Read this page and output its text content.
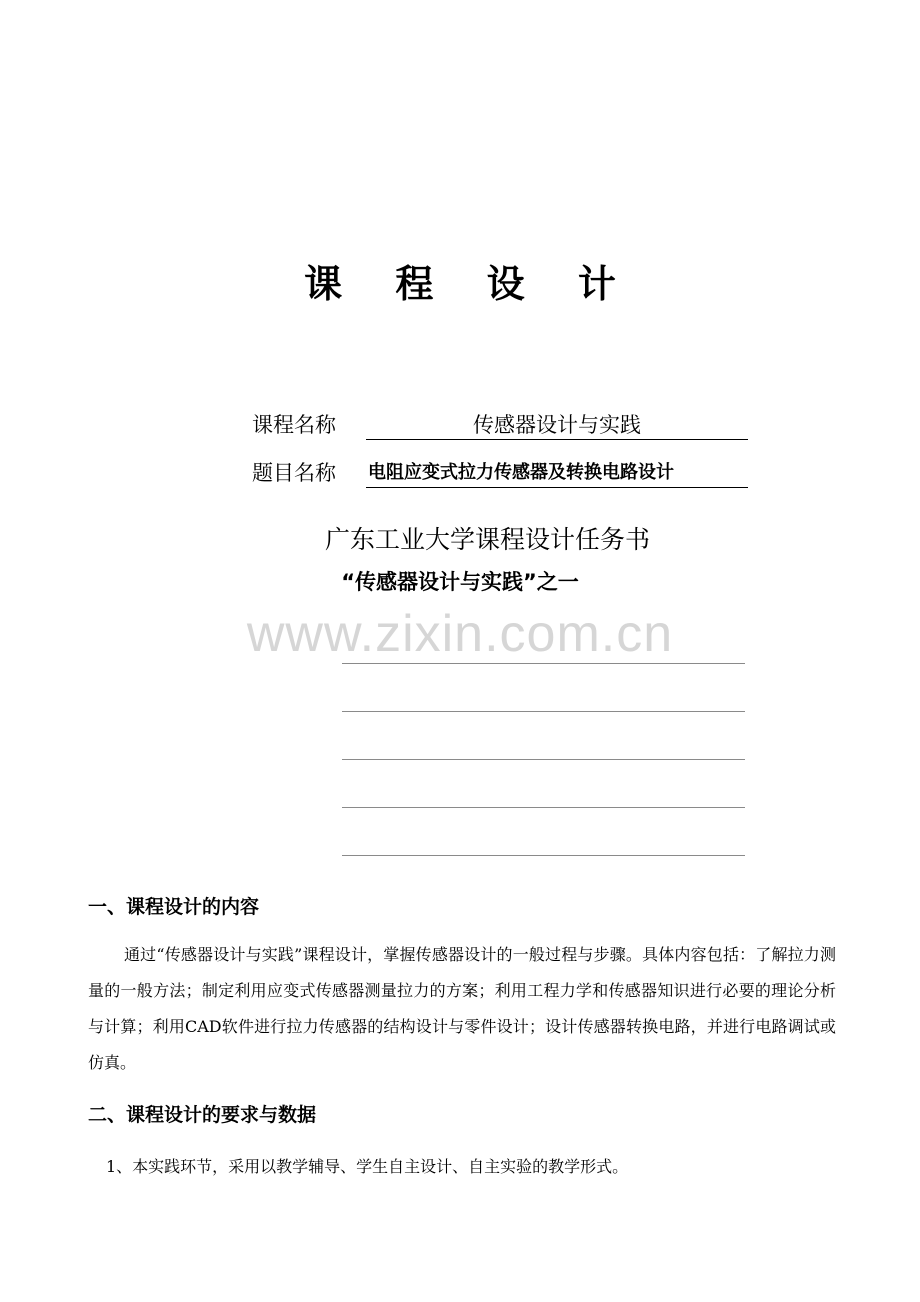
课 程 设 计
课程名称	传感器设计与实践
题目名称	电阻应变式拉力传感器及转换电路设计
广东工业大学课程设计任务书
“传感器设计与实践”之一
www.zixin.com.cn
一、课程设计的内容
通过“传感器设计与实践”课程设计，掌握传感器设计的一般过程与步骤。具体内容包括：了解拉力测量的一般方法；制定利用应变式传感器测量拉力的方案；利用工程力学和传感器知识进行必要的理论分析与计算；利用CAD软件进行拉力传感器的结构设计与零件设计；设计传感器转换电路，并进行电路调试或仿真。
二、课程设计的要求与数据
1、本实践环节，采用以教学辅导、学生自主设计、自主实验的教学形式。
